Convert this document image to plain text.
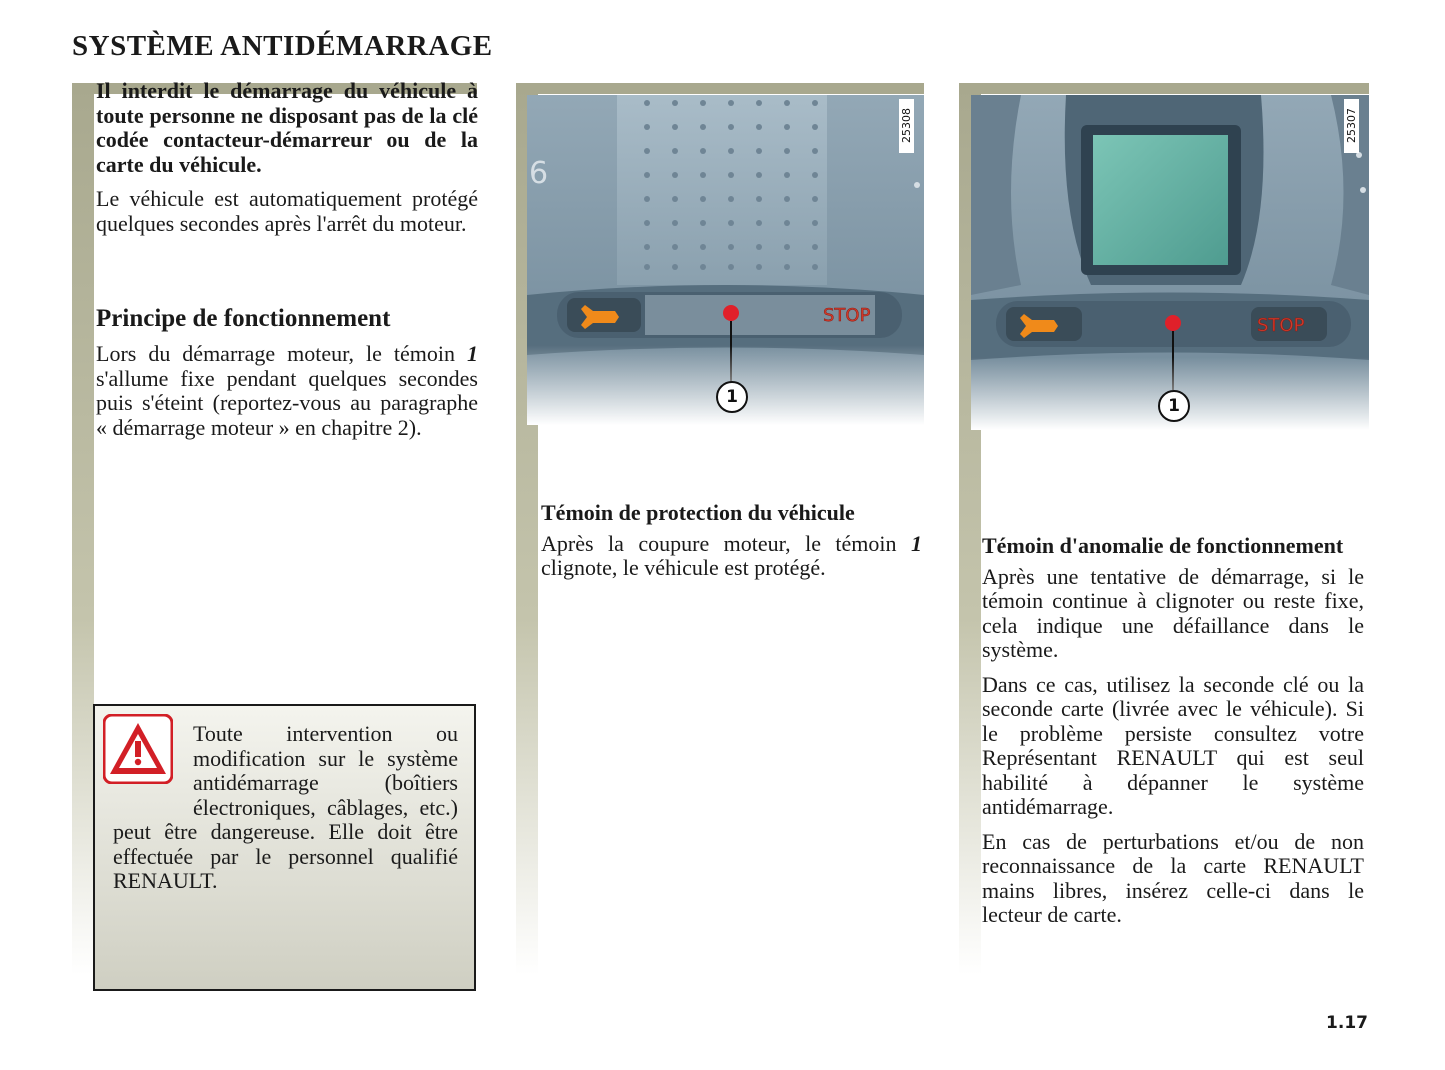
SYSTÈME ANTIDÉMARRAGE

Il interdit le démarrage du véhicule à toute personne ne disposant pas de la clé codée contacteur-démarreur ou de la carte du véhicule.

Le véhicule est automatiquement protégé quelques secondes après l'arrêt du moteur.

Principe de fonctionnement
Lors du démarrage moteur, le témoin 1 s'allume fixe pendant quelques secondes puis s'éteint (reportez-vous au paragraphe « démarrage moteur » en chapitre 2).
Toute intervention ou modification sur le système antidémarrage (boîtiers électroniques, câblages, etc.) peut être dangereuse. Elle doit être effectuée par le personnel qualifié RENAULT.
6
STOP
25308
1
Témoin de protection du véhicule
Après la coupure moteur, le témoin 1 clignote, le véhicule est protégé.
STOP
25307
1
Témoin d'anomalie de fonctionnement

Après une tentative de démarrage, si le témoin continue à clignoter ou reste fixe, cela indique une défaillance dans le système.

Dans ce cas, utilisez la seconde clé ou la seconde carte (livrée avec le véhicule). Si le problème persiste consultez votre Représentant RENAULT qui est seul habilité à dépanner le système antidémarrage.

En cas de perturbations et/ou de non reconnaissance de la carte RENAULT mains libres, insérez celle-ci dans le lecteur de carte.

1.17
